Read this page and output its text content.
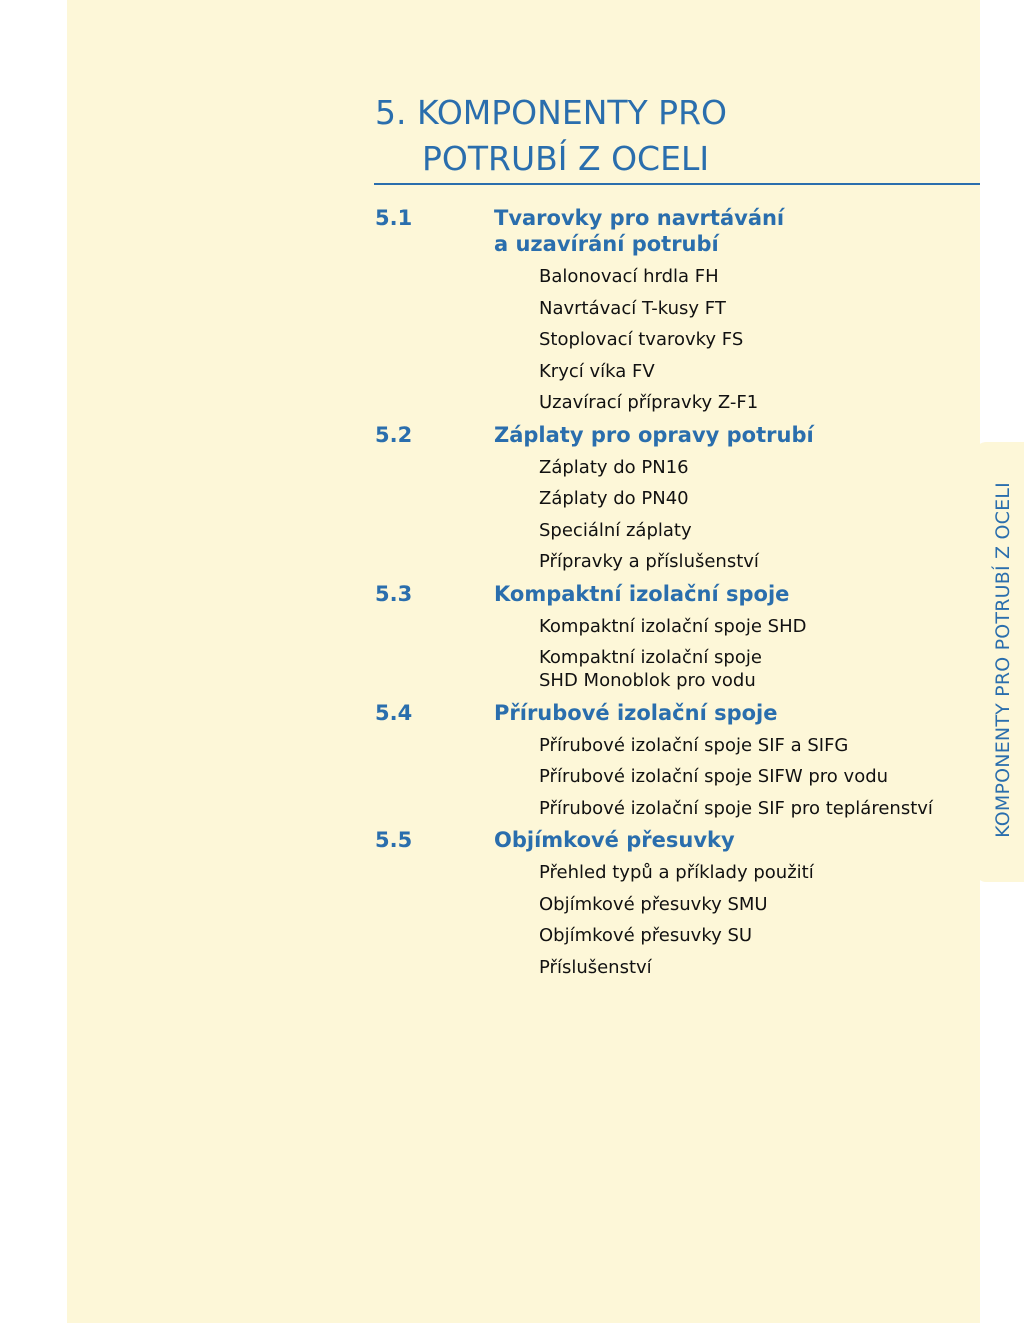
KOMPONENTY PRO POTRUBÍ Z OCELI
5. KOMPONENTY PRO
POTRUBÍ Z OCELI
5.1	Tvarovky pro navrtávání
a uzavírání potrubí
Balonovací hrdla FH
Navrtávací T-kusy FT
Stoplovací tvarovky FS
Krycí víka FV
Uzavírací přípravky Z-F1
5.2	Záplaty pro opravy potrubí
Záplaty do PN16
Záplaty do PN40
Speciální záplaty
Přípravky a příslušenství
5.3	Kompaktní izolační spoje
Kompaktní izolační spoje SHD
Kompaktní izolační spoje
SHD Monoblok pro vodu
5.4	Přírubové izolační spoje
Přírubové izolační spoje SIF a SIFG
Přírubové izolační spoje SIFW pro vodu
Přírubové izolační spoje SIF pro teplárenství
5.5	Objímkové přesuvky
Přehled typů a příklady použití
Objímkové přesuvky SMU
Objímkové přesuvky SU
Příslušenství
